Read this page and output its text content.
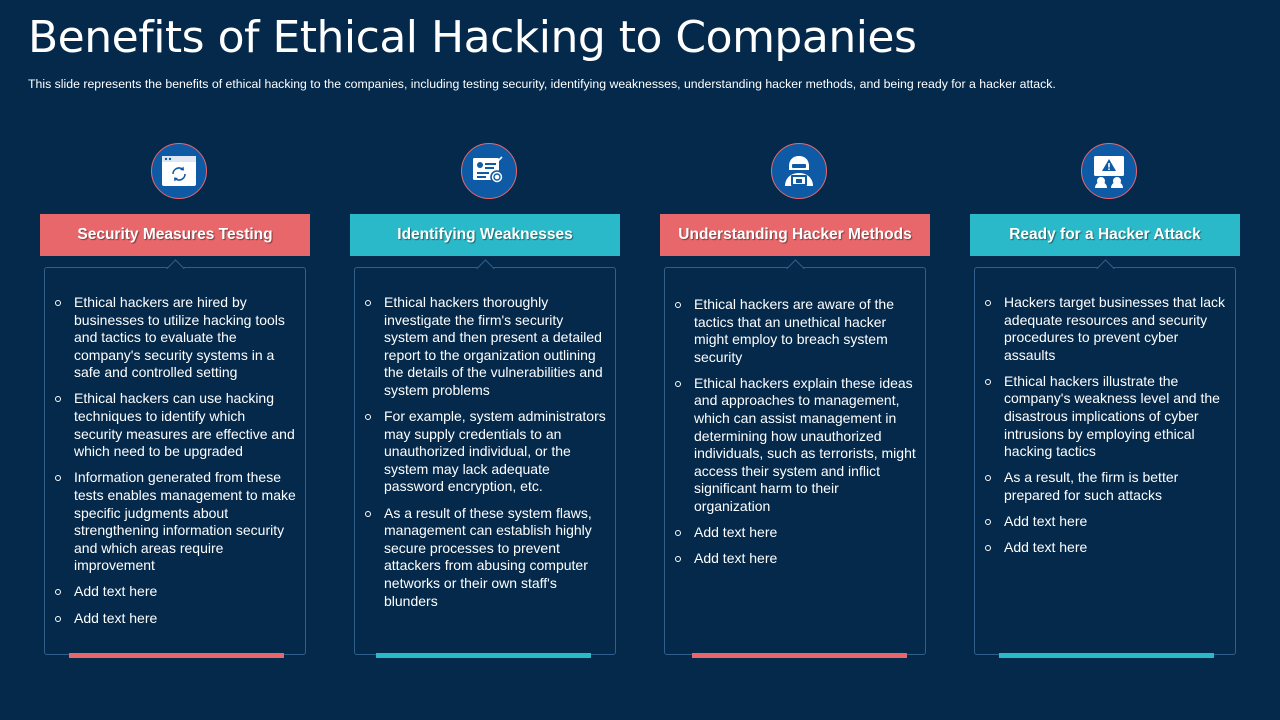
Benefits of Ethical Hacking to Companies
This slide represents the benefits of ethical hacking to the companies, including testing security, identifying weaknesses, understanding hacker methods, and being ready for a hacker attack.
Security Measures Testing
Ethical hackers are hired by businesses to utilize hacking tools and tactics to evaluate the company's security systems in a safe and controlled setting
Ethical hackers can use hacking techniques to identify which security measures are effective and which need to be upgraded
Information generated from these tests enables management to make specific judgments about strengthening information security and which areas require improvement
Add text here
Add text here
Identifying Weaknesses
Ethical hackers thoroughly investigate the firm's security system and then present a detailed report to the organization outlining the details of the vulnerabilities and system problems
For example, system administrators may supply credentials to an unauthorized individual, or the system may lack adequate password encryption, etc.
As a result of these system flaws, management can establish highly secure processes to prevent attackers from abusing computer networks or their own staff's blunders
Understanding Hacker Methods
Ethical hackers are aware of the tactics that an unethical hacker might employ to breach system security
Ethical hackers explain these ideas and approaches to management, which can assist management in determining how unauthorized individuals, such as terrorists, might access their system and inflict significant harm to their organization
Add text here
Add text here
Ready for a Hacker Attack
Hackers target businesses that lack adequate resources and security procedures to prevent cyber assaults
Ethical hackers illustrate the company's weakness level and the disastrous implications of cyber intrusions by employing ethical hacking tactics
As a result, the firm is better prepared for such attacks
Add text here
Add text here
